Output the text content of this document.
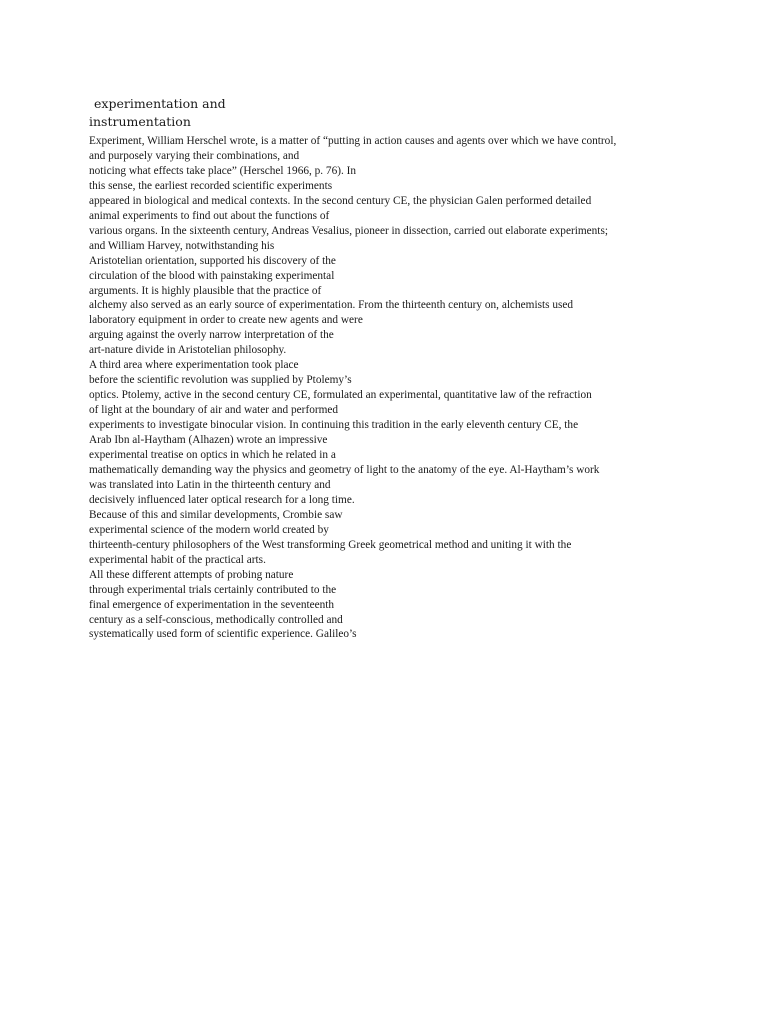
experimentation and
instrumentation
Experiment, William Herschel wrote, is a matter of “putting in action causes and agents over which we have control,
and purposely varying their combinations, and
noticing what effects take place” (Herschel 1966, p. 76). In
this sense, the earliest recorded scientific experiments
appeared in biological and medical contexts. In the second century CE, the physician Galen performed detailed
animal experiments to find out about the functions of
various organs. In the sixteenth century, Andreas Vesalius, pioneer in dissection, carried out elaborate experiments;
and William Harvey, notwithstanding his
Aristotelian orientation, supported his discovery of the
circulation of the blood with painstaking experimental
arguments. It is highly plausible that the practice of
alchemy also served as an early source of experimentation. From the thirteenth century on, alchemists used
laboratory equipment in order to create new agents and were
arguing against the overly narrow interpretation of the
art-nature divide in Aristotelian philosophy.
A third area where experimentation took place
before the scientific revolution was supplied by Ptolemy’s
optics. Ptolemy, active in the second century CE, formulated an experimental, quantitative law of the refraction
of light at the boundary of air and water and performed
experiments to investigate binocular vision. In continuing this tradition in the early eleventh century CE, the
Arab Ibn al-Haytham (Alhazen) wrote an impressive
experimental treatise on optics in which he related in a
mathematically demanding way the physics and geometry of light to the anatomy of the eye. Al-Haytham’s work
was translated into Latin in the thirteenth century and
decisively influenced later optical research for a long time.
Because of this and similar developments, Crombie saw
experimental science of the modern world created by
thirteenth-century philosophers of the West transforming Greek geometrical method and uniting it with the
experimental habit of the practical arts.
All these different attempts of probing nature
through experimental trials certainly contributed to the
final emergence of experimentation in the seventeenth
century as a self-conscious, methodically controlled and
systematically used form of scientific experience. Galileo’s
